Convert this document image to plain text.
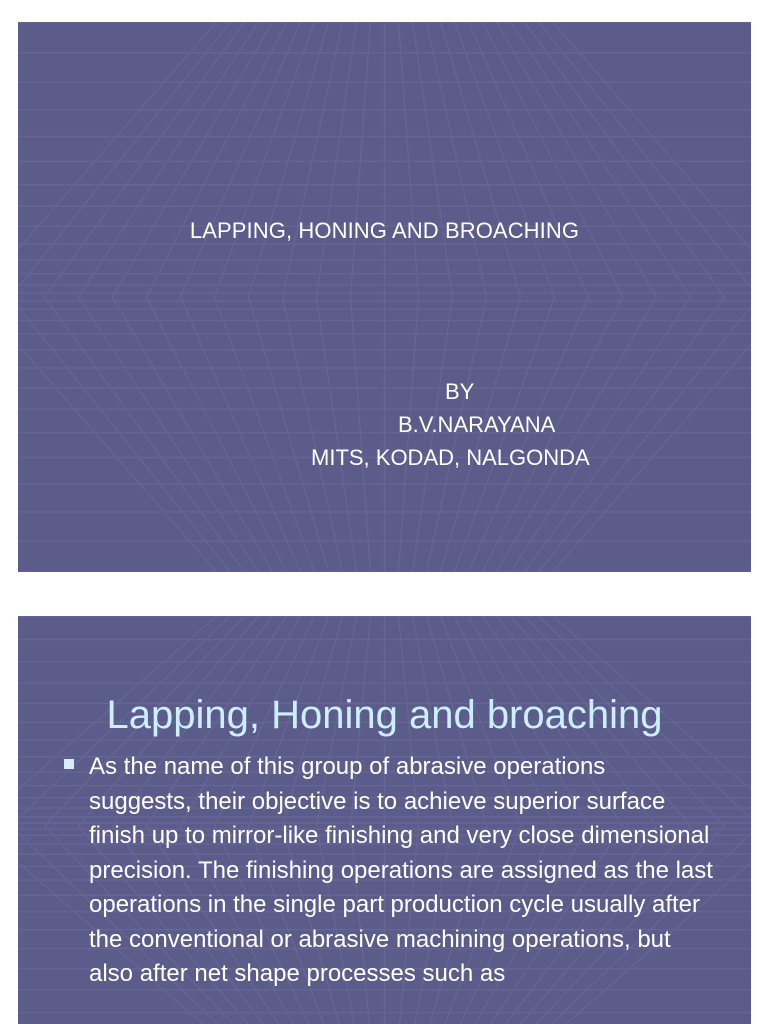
LAPPING, HONING AND BROACHING
BY
B.V.NARAYANA
MITS, KODAD, NALGONDA
Lapping, Honing and broaching

As the name of this group of abrasive operations suggests, their objective is to achieve superior surface finish up to mirror-like finishing and very close dimensional precision. The finishing operations are assigned as the last operations in the single part production cycle usually after the conventional or abrasive machining operations, but also after net shape processes such as
